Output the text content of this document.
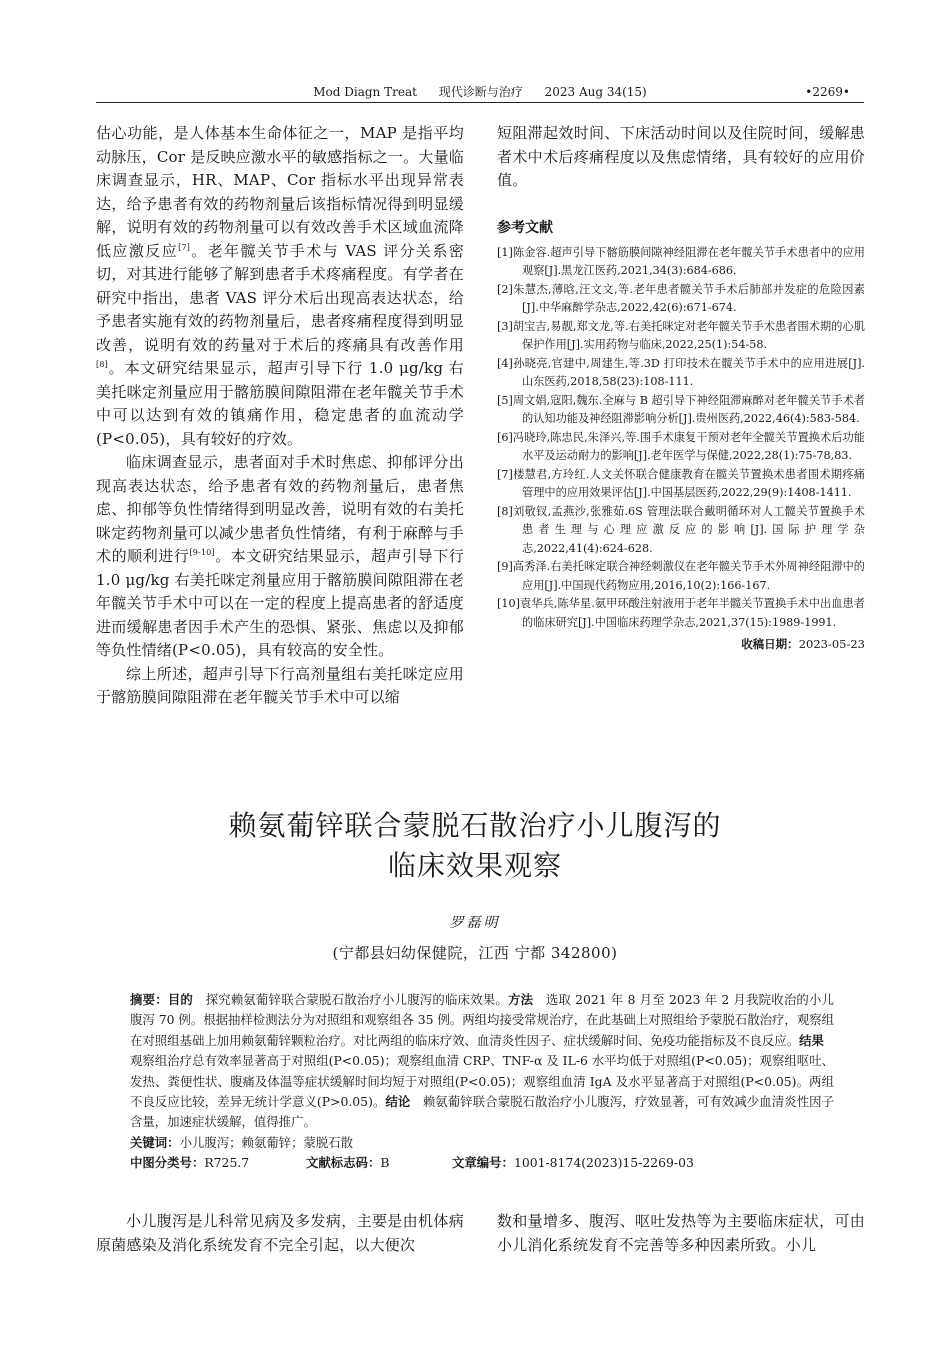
Mod Diagn Treat 现代诊断与治疗 2023 Aug 34(15)	•2269•

估心功能，是人体基本生命体征之一，MAP 是指平均动脉压，Cor 是反映应激水平的敏感指标之一。大量临床调查显示，HR、MAP、Cor 指标水平出现异常表达，给予患者有效的药物剂量后该指标情况得到明显缓解，说明有效的药物剂量可以有效改善手术区域血流降低应激反应[7]。老年髋关节手术与 VAS 评分关系密切，对其进行能够了解到患者手术疼痛程度。有学者在研究中指出，患者 VAS 评分术后出现高表达状态，给予患者实施有效的药物剂量后，患者疼痛程度得到明显改善，说明有效的药量对于术后的疼痛具有改善作用[8]。本文研究结果显示，超声引导下行 1.0 μg/kg 右美托咪定剂量应用于髂筋膜间隙阻滞在老年髋关节手术中可以达到有效的镇痛作用，稳定患者的血流动学(P<0.05)，具有较好的疗效。

临床调查显示，患者面对手术时焦虑、抑郁评分出现高表达状态，给予患者有效的药物剂量后，患者焦虑、抑郁等负性情绪得到明显改善，说明有效的右美托咪定药物剂量可以减少患者负性情绪，有利于麻醉与手术的顺利进行[9-10]。本文研究结果显示，超声引导下行 1.0 μg/kg 右美托咪定剂量应用于髂筋膜间隙阻滞在老年髋关节手术中可以在一定的程度上提高患者的舒适度进而缓解患者因手术产生的恐惧、紧张、焦虑以及抑郁等负性情绪(P<0.05)，具有较高的安全性。

综上所述，超声引导下行高剂量组右美托咪定应用于髂筋膜间隙阻滞在老年髋关节手术中可以缩

短阻滞起效时间、下床活动时间以及住院时间，缓解患者术中术后疼痛程度以及焦虑情绪，具有较好的应用价值。

参考文献
[1]陈金容.超声引导下髂筋膜间隙神经阻滞在老年髋关节手术患者中的应用观察[J].黑龙江医药,2021,34(3):684-686.
[2]朱慧杰,薄晗,汪文文,等.老年患者髋关节手术后肺部并发症的危险因素[J].中华麻醉学杂志,2022,42(6):671-674.
[3]胡宝吉,易靓,郑文龙,等.右美托咪定对老年髋关节手术患者围术期的心肌保护作用[J].实用药物与临床,2022,25(1):54-58.
[4]孙晓亮,官建中,周建生,等.3D 打印技术在髋关节手术中的应用进展[J].山东医药,2018,58(23):108-111.
[5]周文娟,寇阳,魏东.全麻与 B 超引导下神经阻滞麻醉对老年髋关节手术者的认知功能及神经阻滞影响分析[J].贵州医药,2022,46(4):583-584.
[6]冯晓玲,陈忠民,朱泽兴,等.围手术康复干预对老年全髋关节置换术后功能水平及运动耐力的影响[J].老年医学与保健,2022,28(1):75-78,83.
[7]楼慧君,方玲红.人文关怀联合健康教育在髋关节置换术患者围术期疼痛管理中的应用效果评估[J].中国基层医药,2022,29(9):1408-1411.
[8]刘敬钗,孟燕沙,张雅茹.6S 管理法联合戴明循环对人工髋关节置换手术患者生理与心理应激反应的影响[J].国际护理学杂志,2022,41(4):624-628.
[9]高秀泽.右美托咪定联合神经刺激仪在老年髋关节手术外周神经阻滞中的应用[J].中国现代药物应用,2016,10(2):166-167.
[10]袁华兵,陈华星.氨甲环酸注射液用于老年半髋关节置换手术中出血患者的临床研究[J].中国临床药理学杂志,2021,37(15):1989-1991.
收稿日期：2023-05-23
赖氨葡锌联合蒙脱石散治疗小儿腹泻的
临床效果观察
罗磊明
(宁都县妇幼保健院，江西 宁都 342800)
摘要：目的　探究赖氨葡锌联合蒙脱石散治疗小儿腹泻的临床效果。方法　选取 2021 年 8 月至 2023 年 2 月我院收治的小儿腹泻 70 例。根据抽样检测法分为对照组和观察组各 35 例。两组均接受常规治疗，在此基础上对照组给予蒙脱石散治疗，观察组在对照组基础上加用赖氨葡锌颗粒治疗。对比两组的临床疗效、血清炎性因子、症状缓解时间、免疫功能指标及不良反应。结果　观察组治疗总有效率显著高于对照组(P<0.05)；观察组血清 CRP、TNF-α 及 IL-6 水平均低于对照组(P<0.05)；观察组呕吐、发热、粪便性状、腹痛及体温等症状缓解时间均短于对照组(P<0.05)；观察组血清 IgA 及水平显著高于对照组(P<0.05)。两组不良反应比较，差异无统计学意义(P>0.05)。结论　赖氨葡锌联合蒙脱石散治疗小儿腹泻，疗效显著，可有效减少血清炎性因子含量，加速症状缓解，值得推广。
关键词：小儿腹泻；赖氨葡锌；蒙脱石散
中图分类号：R725.7	文献标志码：B	文章编号：1001-8174(2023)15-2269-03

小儿腹泻是儿科常见病及多发病，主要是由机体病原菌感染及消化系统发育不完全引起，以大便次

数和量增多、腹泻、呕吐发热等为主要临床症状，可由小儿消化系统发育不完善等多种因素所致。小儿
